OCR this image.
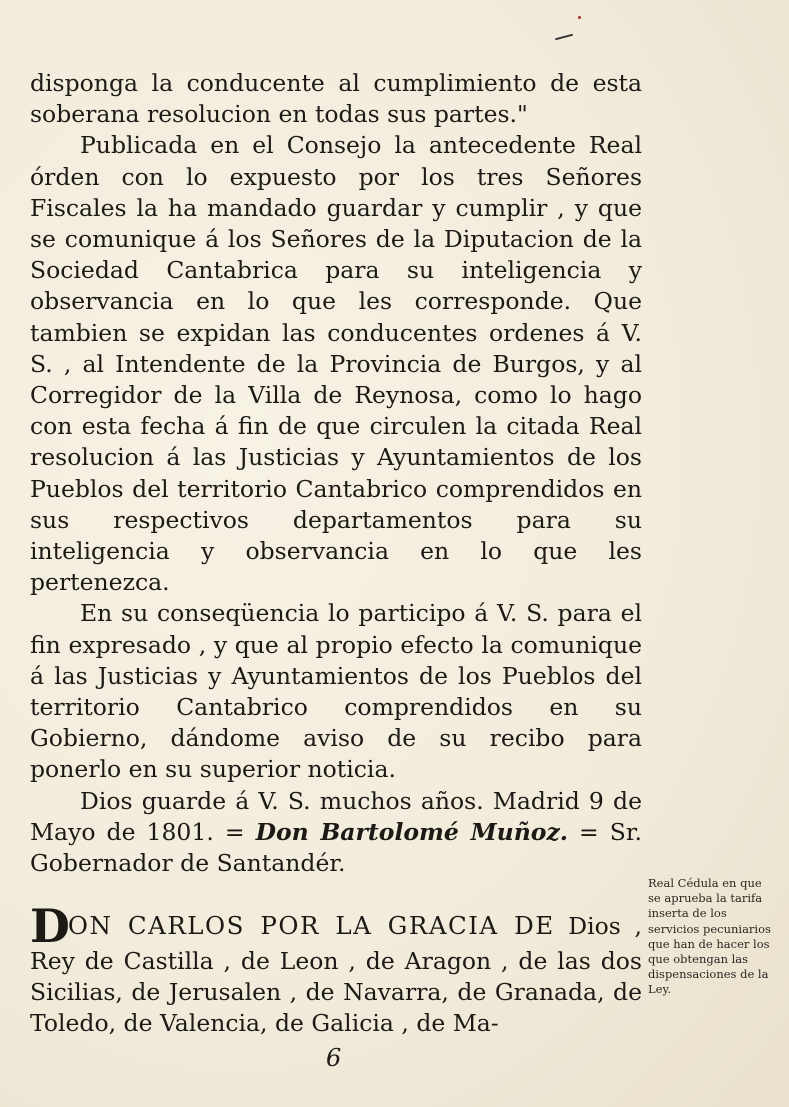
disponga la conducente al cumplimiento de esta soberana resolucion en todas sus partes."

Publicada en el Consejo la antecedente Real órden con lo expuesto por los tres Señores Fiscales la ha mandado guardar y cumplir , y que se comunique á los Señores de la Diputacion de la Sociedad Cantabrica para su inteligencia y observancia en lo que les corresponde. Que tambien se expidan las conducentes ordenes á V. S. , al Intendente de la Provincia de Burgos, y al Corregidor de la Villa de Reynosa, como lo hago con esta fecha á fin de que circulen la citada Real resolucion á las Justicias y Ayuntamientos de los Pueblos del territorio Cantabrico comprendidos en sus respectivos departamentos para su inteligencia y observancia en lo que les pertenezca.

En su conseqüencia lo participo á V. S. para el fin expresado , y que al propio efecto la comunique á las Justicias y Ayuntamientos de los Pueblos del territorio Cantabrico comprendidos en su Gobierno, dándome aviso de su recibo para ponerlo en su superior noticia.

Dios guarde á V. S. muchos años. Madrid 9 de Mayo de 1801. = Don Bartolomé Muñoz. = Sr. Gobernador de Santandér.

DON CARLOS POR LA GRACIA DE Dios , Rey de Castilla , de Leon , de Aragon , de las dos Sicilias, de Jerusalen , de Navarra, de Granada, de Toledo, de Valencia, de Galicia , de Ma-
Real Cédula en que se aprueba la tarifa inserta de los servicios pecuniarios que han de hacer los que obtengan las dispensaciones de la Ley.
6
